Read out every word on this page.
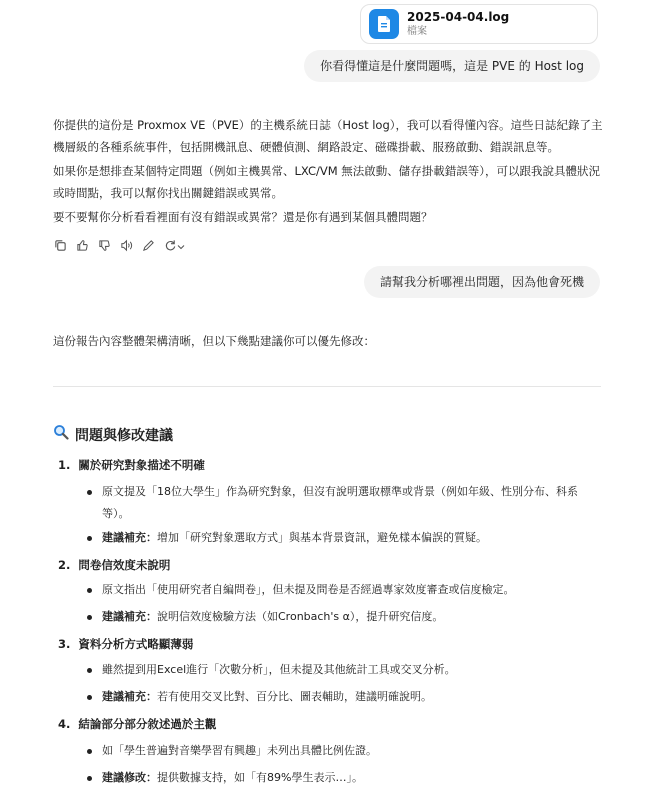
2025-04-04.log
檔案
你看得懂這是什麼問題嗎，這是 PVE 的 Host log

你提供的這份是 Proxmox VE（PVE）的主機系統日誌（Host log），我可以看得懂內容。這些日誌紀錄了主機層級的各種系統事件，包括開機訊息、硬體偵測、網路設定、磁碟掛載、服務啟動、錯誤訊息等。

如果你是想排查某個特定問題（例如主機異常、LXC/VM 無法啟動、儲存掛載錯誤等），可以跟我說具體狀況或時間點，我可以幫你找出關鍵錯誤或異常。

要不要幫你分析看看裡面有沒有錯誤或異常？還是你有遇到某個具體問題？

請幫我分析哪裡出問題，因為他會死機

這份報告內容整體架構清晰，但以下幾點建議你可以優先修改：

問題與修改建議
1. 關於研究對象描述不明確
原文提及「18位大學生」作為研究對象，但沒有說明選取標準或背景（例如年級、性別分布、科系等）。
建議補充：增加「研究對象選取方式」與基本背景資訊，避免樣本偏誤的質疑。
2. 問卷信效度未說明
原文指出「使用研究者自編問卷」，但未提及問卷是否經過專家效度審查或信度檢定。
建議補充：說明信效度檢驗方法（如Cronbach's α），提升研究信度。
3. 資料分析方式略顯薄弱
雖然提到用Excel進行「次數分析」，但未提及其他統計工具或交叉分析。
建議補充：若有使用交叉比對、百分比、圖表輔助，建議明確說明。
4. 結論部分部分敘述過於主觀
如「學生普遍對音樂學習有興趣」未列出具體比例佐證。
建議修改：提供數據支持，如「有89%學生表示…」。
